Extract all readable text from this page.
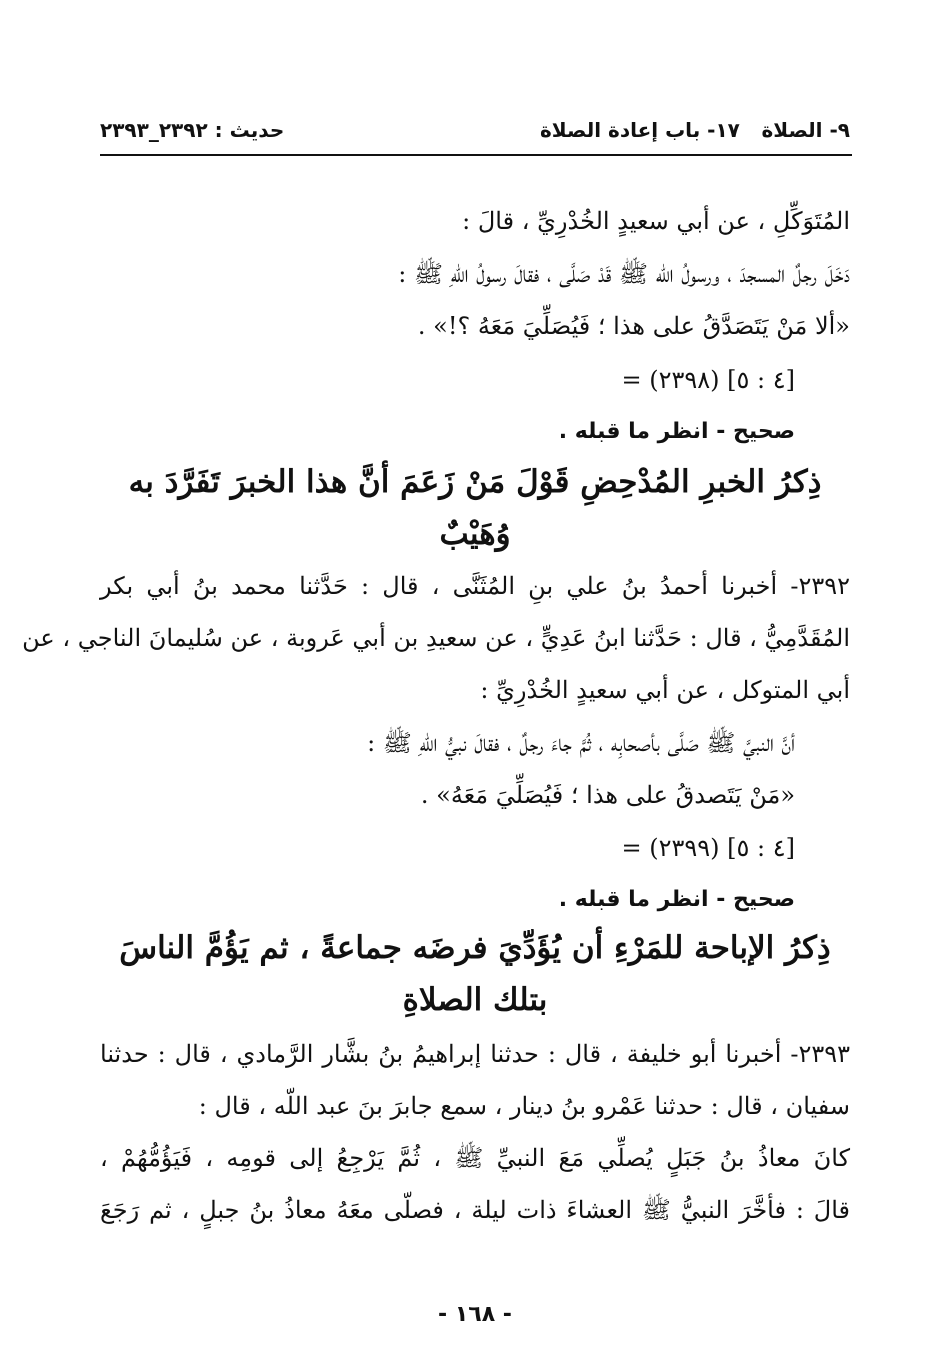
٩- الصلاة
١٧- باب إعادة الصلاة
حديث : ٢٣٩٢_٢٣٩٣
المُتَوَكِّلِ ، عن أبي سعيدٍ الخُدْرِيِّ ، قالَ :
دَخَلَ رجلٌ المسجدَ ، ورسولُ اللّه ﷺ قَدْ صَلَّى ، فقالَ رسولُ اللّهِ ﷺ :
«ألا مَنْ يَتَصَدَّقُ على هذا ؛ فَيُصَلِّيَ مَعَهُ ؟!» .
= (٢٣٩٨) [٤ : ٥]
صحيح - انظر ما قبله .
ذِكرُ الخبرِ المُدْحِضِ قَوْلَ مَنْ زَعَمَ أنَّ هذا الخبرَ تَفَرَّدَ به
وُهَيْبٌ
٢٣٩٢- أخبرنا أحمدُ بنُ علي بنِ المُثَنَّى ، قال : حَدَّثنا محمد بنُ أبي بكر
المُقَدَّمِيُّ ، قال : حَدَّثنا ابنُ عَدِيٍّ ، عن سعيدِ بن أبي عَروبة ، عن سُليمانَ الناجي ، عن
أبي المتوكل ، عن أبي سعيدٍ الخُدْرِيِّ :
أنَّ النبيَّ ﷺ صَلَّى بأصحابِه ، ثُمَّ جاءَ رجلٌ ، فقالَ نبيُّ اللّهِ ﷺ :
«مَنْ يَتَصدقُ على هذا ؛ فَيُصَلِّيَ مَعَهُ» .
= (٢٣٩٩) [٤ : ٥]
صحيح - انظر ما قبله .
ذِكرُ الإباحة للمَرْءِ أن يُؤَدِّيَ فرضَه جماعةً ، ثم يَؤُمَّ الناسَ
بتلك الصلاةِ
٢٣٩٣- أخبرنا أبو خليفة ، قال : حدثنا إبراهيمُ بنُ بشَّار الرَّمادي ، قال : حدثنا
سفيان ، قال : حدثنا عَمْرو بنُ دينار ، سمع جابرَ بنَ عبد اللّه ، قال :
كانَ معاذُ بنُ جَبَلٍ يُصلِّي مَعَ النبيِّ ﷺ ، ثُمَّ يَرْجِعُ إلى قومِه ، فَيَؤُمُّهُمْ ،
قالَ : فأخَّرَ النبيُّ ﷺ العشاءَ ذات ليلة ، فصلّى معَهُ معاذُ بنُ جبلٍ ، ثم رَجَعَ
- ١٦٨ -
